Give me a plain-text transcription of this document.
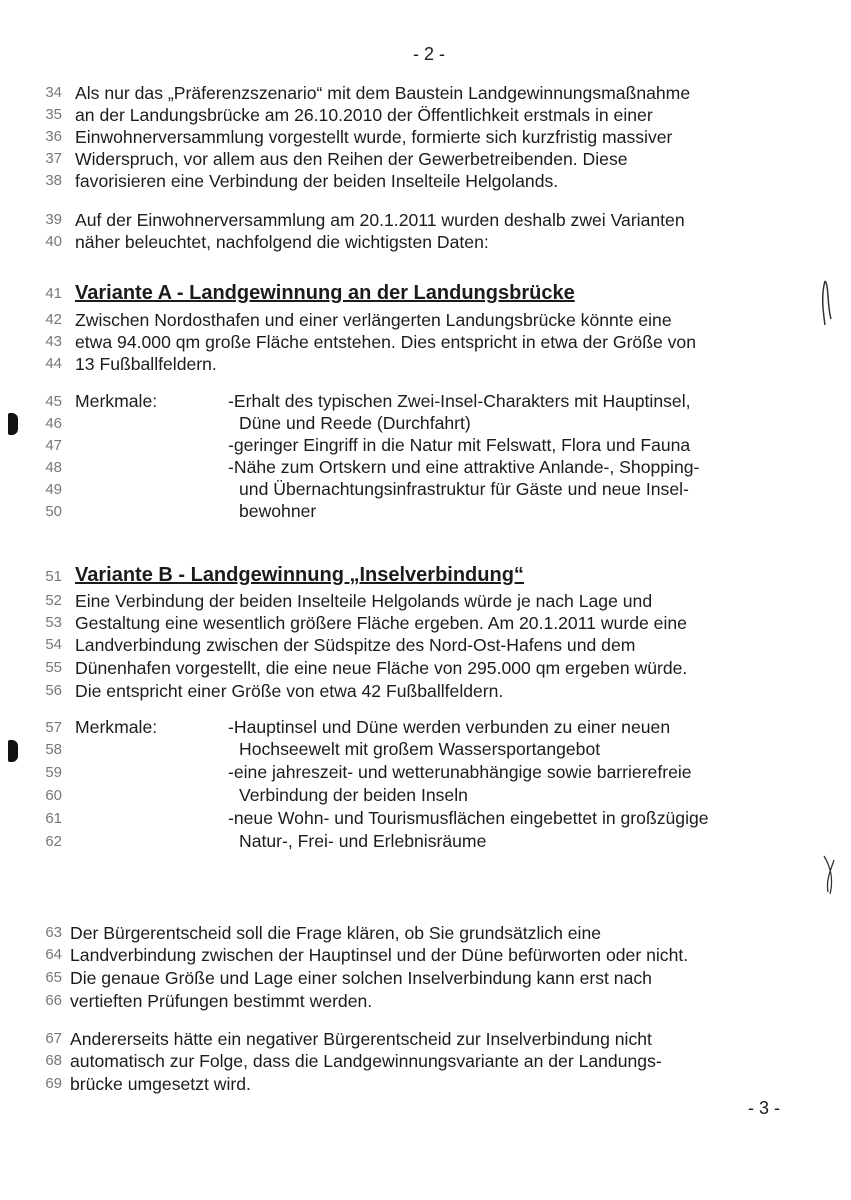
- 2 -
34 Als nur das „Präferenzszenario“ mit dem Baustein Landgewinnungsmaßnahme
35 an der Landungsbrücke am 26.10.2010 der Öffentlichkeit erstmals in einer
36 Einwohnerversammlung vorgestellt wurde, formierte sich kurzfristig massiver
37 Widerspruch, vor allem aus den Reihen der Gewerbetreibenden. Diese
38 favorisieren eine Verbindung der beiden Inselteile Helgolands.
39 Auf der Einwohnerversammlung am 20.1.2011 wurden deshalb zwei Varianten
40 näher beleuchtet, nachfolgend die wichtigsten Daten:
41 Variante A - Landgewinnung an der Landungsbrücke
42 Zwischen Nordosthafen und einer verlängerten Landungsbrücke könnte eine
43 etwa 94.000 qm große Fläche entstehen. Dies entspricht in etwa der Größe von
44 13 Fußballfeldern.
45 Merkmale:	-Erhalt des typischen Zwei-Insel-Charakters mit Hauptinsel,
46	Düne und Reede (Durchfahrt)
47	-geringer Eingriff in die Natur mit Felswatt, Flora und Fauna
48	-Nähe zum Ortskern und eine attraktive Anlande-, Shopping-
49	und Übernachtungsinfrastruktur für Gäste und neue Insel-
50	bewohner
51 Variante B - Landgewinnung „Inselverbindung“
52 Eine Verbindung der beiden Inselteile Helgolands würde je nach Lage und
53 Gestaltung eine wesentlich größere Fläche ergeben. Am 20.1.2011 wurde eine
54 Landverbindung zwischen der Südspitze des Nord-Ost-Hafens und dem
55 Dünenhafen vorgestellt, die eine neue Fläche von 295.000 qm ergeben würde.
56 Die entspricht einer Größe von etwa 42 Fußballfeldern.
57 Merkmale:	-Hauptinsel und Düne werden verbunden zu einer neuen
58	Hochseewelt mit großem Wassersportangebot
59	-eine jahreszeit- und wetterunabhängige sowie barrierefreie
60	Verbindung der beiden Inseln
61	-neue Wohn- und Tourismusflächen eingebettet in großzügige
62	Natur-, Frei- und Erlebnisräume
63 Der Bürgerentscheid soll die Frage klären, ob Sie grundsätzlich eine
64 Landverbindung zwischen der Hauptinsel und der Düne befürworten oder nicht.
65 Die genaue Größe und Lage einer solchen Inselverbindung kann erst nach
66 vertieften Prüfungen bestimmt werden.
67 Andererseits hätte ein negativer Bürgerentscheid zur Inselverbindung nicht
68 automatisch zur Folge, dass die Landgewinnungsvariante an der Landungs-
69 brücke umgesetzt wird.
- 3 -
